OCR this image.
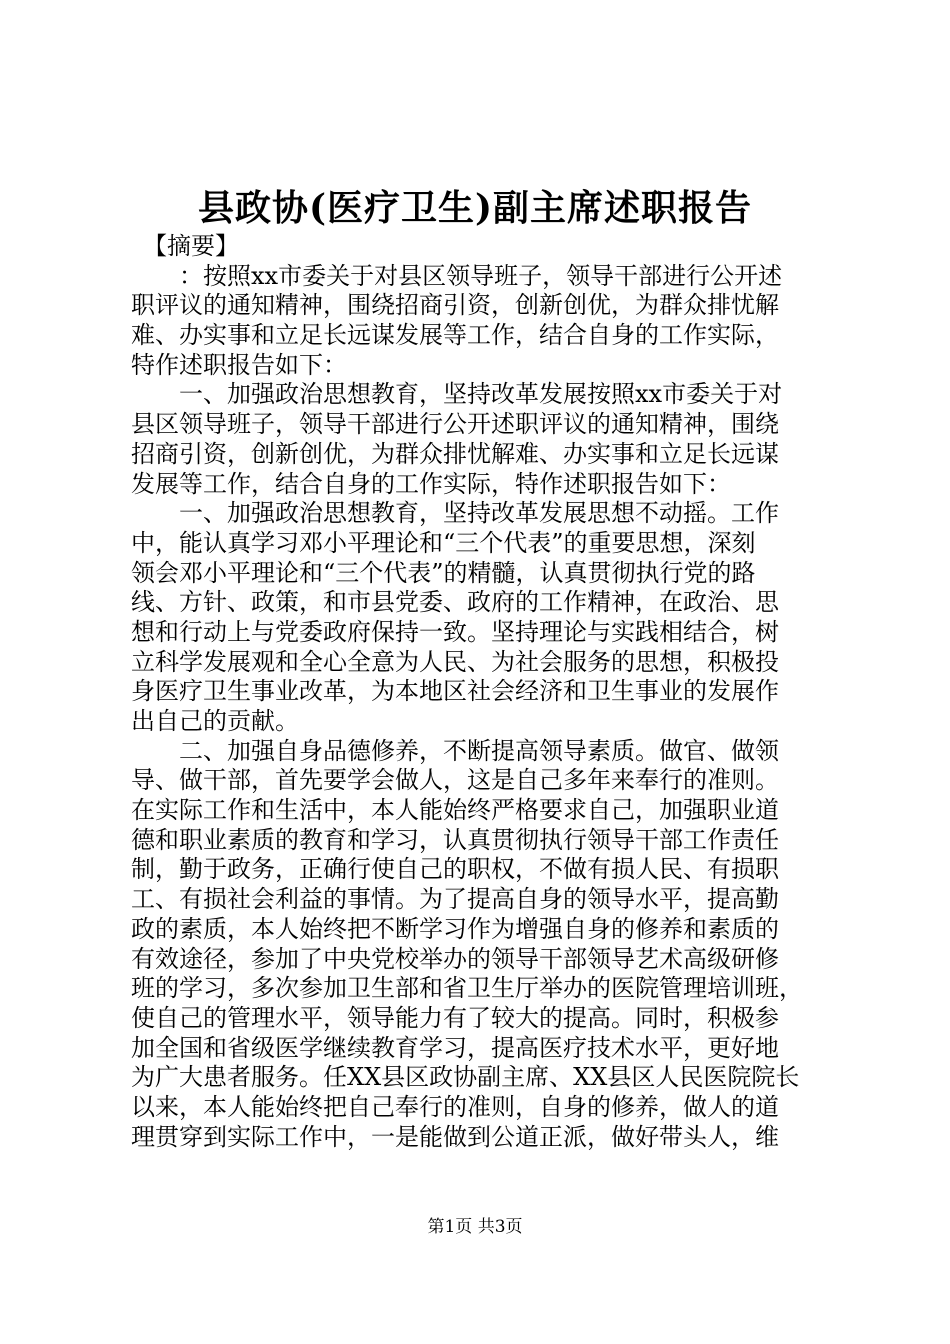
县政协(医疗卫生)副主席述职报告
　【摘要】
　　：按照xx市委关于对县区领导班子，领导干部进行公开述
职评议的通知精神，围绕招商引资，创新创优，为群众排忧解
难、办实事和立足长远谋发展等工作，结合自身的工作实际，
特作述职报告如下：
　　一、加强政治思想教育，坚持改革发展按照xx市委关于对
县区领导班子，领导干部进行公开述职评议的通知精神，围绕
招商引资，创新创优，为群众排忧解难、办实事和立足长远谋
发展等工作，结合自身的工作实际，特作述职报告如下：
　　一、加强政治思想教育，坚持改革发展思想不动摇。工作
中，能认真学习邓小平理论和“三个代表”的重要思想，深刻
领会邓小平理论和“三个代表”的精髓，认真贯彻执行党的路
线、方针、政策，和市县党委、政府的工作精神，在政治、思
想和行动上与党委政府保持一致。坚持理论与实践相结合，树
立科学发展观和全心全意为人民、为社会服务的思想，积极投
身医疗卫生事业改革，为本地区社会经济和卫生事业的发展作
出自己的贡献。
　　二、加强自身品德修养，不断提高领导素质。做官、做领
导、做干部，首先要学会做人，这是自己多年来奉行的准则。
在实际工作和生活中，本人能始终严格要求自己，加强职业道
德和职业素质的教育和学习，认真贯彻执行领导干部工作责任
制，勤于政务，正确行使自己的职权，不做有损人民、有损职
工、有损社会利益的事情。为了提高自身的领导水平，提高勤
政的素质，本人始终把不断学习作为增强自身的修养和素质的
有效途径，参加了中央党校举办的领导干部领导艺术高级研修
班的学习，多次参加卫生部和省卫生厅举办的医院管理培训班，
使自己的管理水平，领导能力有了较大的提高。同时，积极参
加全国和省级医学继续教育学习，提高医疗技术水平，更好地
为广大患者服务。任XX县区政协副主席、XX县区人民医院院长
以来，本人能始终把自己奉行的准则，自身的修养，做人的道
理贯穿到实际工作中，一是能做到公道正派，做好带头人，维
第1页 共3页
